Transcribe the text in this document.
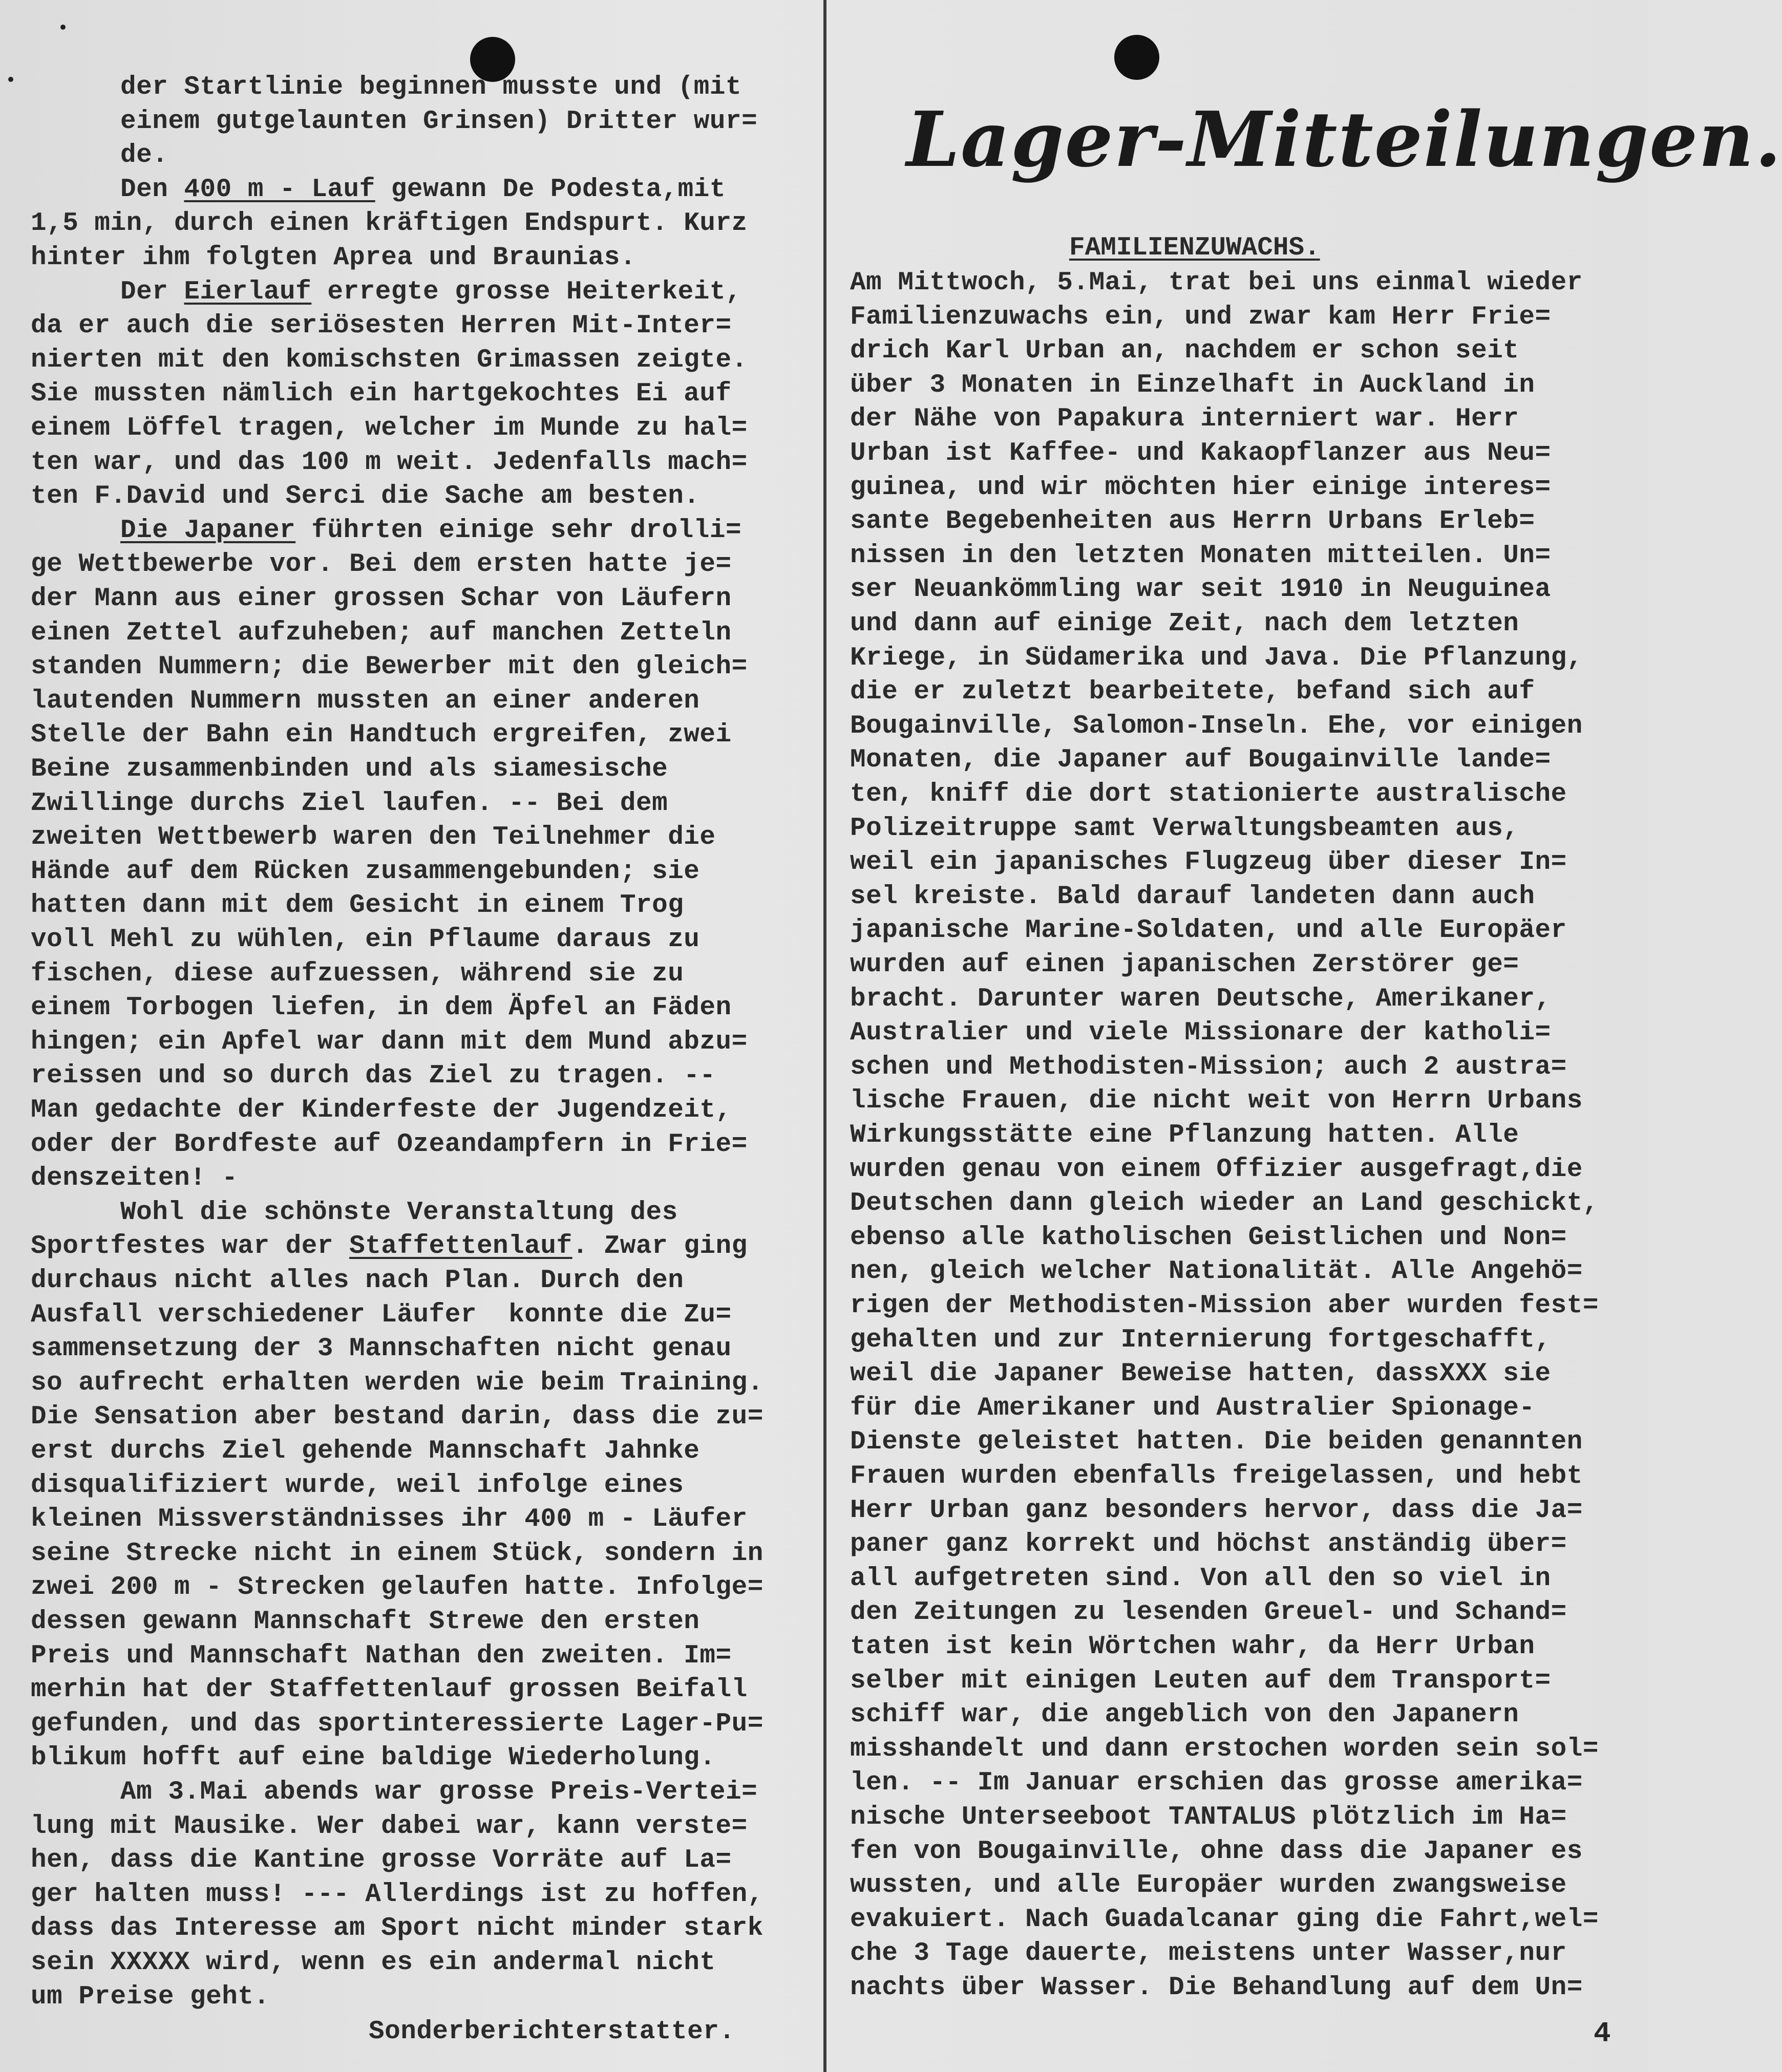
der Startlinie beginnen musste und (mit
einem gutgelaunten Grinsen) Dritter wur=
de.
Den 400 m - Lauf gewann De Podesta,mit
1,5 min, durch einen kräftigen Endspurt. Kurz
hinter ihm folgten Aprea und Braunias.
Der Eierlauf erregte grosse Heiterkeit,
da er auch die seriösesten Herren Mit-Inter=
nierten mit den komischsten Grimassen zeigte.
Sie mussten nämlich ein hartgekochtes Ei auf
einem Löffel tragen, welcher im Munde zu hal=
ten war, und das 100 m weit. Jedenfalls mach=
ten F.David und Serci die Sache am besten.
Die Japaner führten einige sehr drolli=
ge Wettbewerbe vor. Bei dem ersten hatte je=
der Mann aus einer grossen Schar von Läufern
einen Zettel aufzuheben; auf manchen Zetteln
standen Nummern; die Bewerber mit den gleich=
lautenden Nummern mussten an einer anderen
Stelle der Bahn ein Handtuch ergreifen, zwei
Beine zusammenbinden und als siamesische
Zwillinge durchs Ziel laufen. -- Bei dem
zweiten Wettbewerb waren den Teilnehmer die
Hände auf dem Rücken zusammengebunden; sie
hatten dann mit dem Gesicht in einem Trog
voll Mehl zu wühlen, ein Pflaume daraus zu
fischen, diese aufzuessen, während sie zu
einem Torbogen liefen, in dem Äpfel an Fäden
hingen; ein Apfel war dann mit dem Mund abzu=
reissen und so durch das Ziel zu tragen. --
Man gedachte der Kinderfeste der Jugendzeit,
oder der Bordfeste auf Ozeandampfern in Frie=
denszeiten! -
Wohl die schönste Veranstaltung des
Sportfestes war der Staffettenlauf. Zwar ging
durchaus nicht alles nach Plan. Durch den
Ausfall verschiedener Läufer  konnte die Zu=
sammensetzung der 3 Mannschaften nicht genau
so aufrecht erhalten werden wie beim Training.
Die Sensation aber bestand darin, dass die zu=
erst durchs Ziel gehende Mannschaft Jahnke
disqualifiziert wurde, weil infolge eines
kleinen Missverständnisses ihr 400 m - Läufer
seine Strecke nicht in einem Stück, sondern in
zwei 200 m - Strecken gelaufen hatte. Infolge=
dessen gewann Mannschaft Strewe den ersten
Preis und Mannschaft Nathan den zweiten. Im=
merhin hat der Staffettenlauf grossen Beifall
gefunden, und das sportinteressierte Lager-Pu=
blikum hofft auf eine baldige Wiederholung.
Am 3.Mai abends war grosse Preis-Vertei=
lung mit Mausike. Wer dabei war, kann verste=
hen, dass die Kantine grosse Vorräte auf La=
ger halten muss! --- Allerdings ist zu hoffen,
dass das Interesse am Sport nicht minder stark
sein XXXXX wird, wenn es ein andermal nicht
um Preise geht.
Sonderberichterstatter.
Lager-Mitteilungen.
FAMILIENZUWACHS.
Am Mittwoch, 5.Mai, trat bei uns einmal wieder
Familienzuwachs ein, und zwar kam Herr Frie=
drich Karl Urban an, nachdem er schon seit
über 3 Monaten in Einzelhaft in Auckland in
der Nähe von Papakura interniert war. Herr
Urban ist Kaffee- und Kakaopflanzer aus Neu=
guinea, und wir möchten hier einige interes=
sante Begebenheiten aus Herrn Urbans Erleb=
nissen in den letzten Monaten mitteilen. Un=
ser Neuankömmling war seit 1910 in Neuguinea
und dann auf einige Zeit, nach dem letzten
Kriege, in Südamerika und Java. Die Pflanzung,
die er zuletzt bearbeitete, befand sich auf
Bougainville, Salomon-Inseln. Ehe, vor einigen
Monaten, die Japaner auf Bougainville lande=
ten, kniff die dort stationierte australische
Polizeitruppe samt Verwaltungsbeamten aus,
weil ein japanisches Flugzeug über dieser In=
sel kreiste. Bald darauf landeten dann auch
japanische Marine-Soldaten, und alle Europäer
wurden auf einen japanischen Zerstörer ge=
bracht. Darunter waren Deutsche, Amerikaner,
Australier und viele Missionare der katholi=
schen und Methodisten-Mission; auch 2 austra=
lische Frauen, die nicht weit von Herrn Urbans
Wirkungsstätte eine Pflanzung hatten. Alle
wurden genau von einem Offizier ausgefragt,die
Deutschen dann gleich wieder an Land geschickt,
ebenso alle katholischen Geistlichen und Non=
nen, gleich welcher Nationalität. Alle Angehö=
rigen der Methodisten-Mission aber wurden fest=
gehalten und zur Internierung fortgeschafft,
weil die Japaner Beweise hatten, dassXXX sie
für die Amerikaner und Australier Spionage-
Dienste geleistet hatten. Die beiden genannten
Frauen wurden ebenfalls freigelassen, und hebt
Herr Urban ganz besonders hervor, dass die Ja=
paner ganz korrekt und höchst anständig über=
all aufgetreten sind. Von all den so viel in
den Zeitungen zu lesenden Greuel- und Schand=
taten ist kein Wörtchen wahr, da Herr Urban
selber mit einigen Leuten auf dem Transport=
schiff war, die angeblich von den Japanern
misshandelt und dann erstochen worden sein sol=
len. -- Im Januar erschien das grosse amerika=
nische Unterseeboot TANTALUS plötzlich im Ha=
fen von Bougainville, ohne dass die Japaner es
wussten, und alle Europäer wurden zwangsweise
evakuiert. Nach Guadalcanar ging die Fahrt,wel=
che 3 Tage dauerte, meistens unter Wasser,nur
nachts über Wasser. Die Behandlung auf dem Un=
4
